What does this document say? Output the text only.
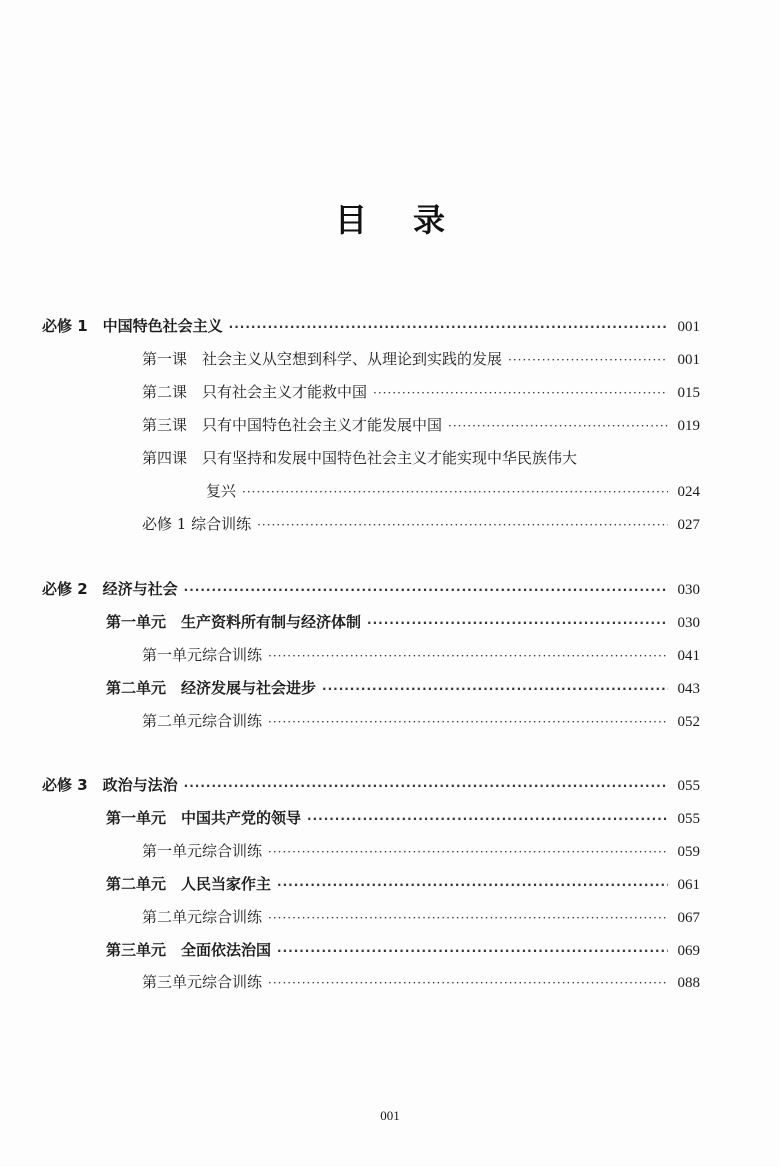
目录
必修 1　中国特色社会主义 ·····	001
第一课　社会主义从空想到科学、从理论到实践的发展 ·····	001
第二课　只有社会主义才能救中国 ·····	015
第三课　只有中国特色社会主义才能发展中国 ·····	019
第四课　只有坚持和发展中国特色社会主义才能实现中华民族伟大
复兴 ·····	024
必修 1 综合训练 ·····	027
必修 2　经济与社会 ·····	030
第一单元　生产资料所有制与经济体制 ·····	030
第一单元综合训练 ·····	041
第二单元　经济发展与社会进步 ·····	043
第二单元综合训练 ·····	052
必修 3　政治与法治 ·····	055
第一单元　中国共产党的领导 ·····	055
第一单元综合训练 ·····	059
第二单元　人民当家作主 ·····	061
第二单元综合训练 ·····	067
第三单元　全面依法治国 ·····	069
第三单元综合训练 ·····	088
001
